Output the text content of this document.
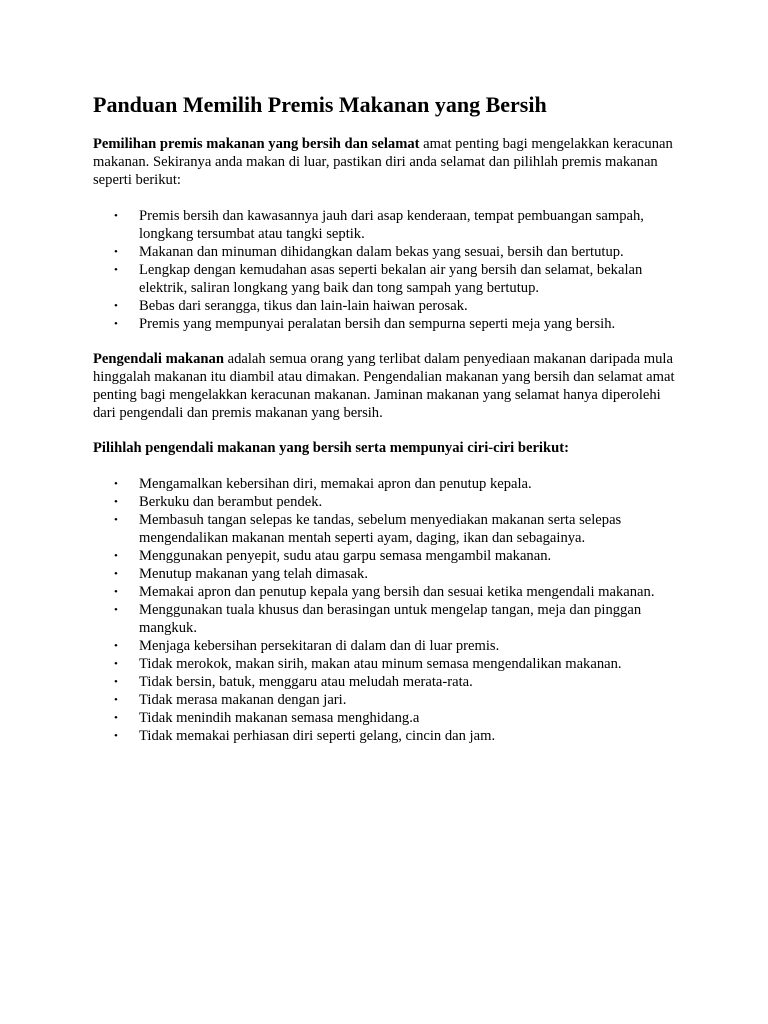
Panduan Memilih Premis Makanan yang Bersih

Pemilihan premis makanan yang bersih dan selamat amat penting bagi mengelakkan keracunan makanan. Sekiranya anda makan di luar, pastikan diri anda selamat dan pilihlah premis makanan seperti berikut:

• Premis bersih dan kawasannya jauh dari asap kenderaan, tempat pembuangan sampah, longkang tersumbat atau tangki septik.
• Makanan dan minuman dihidangkan dalam bekas yang sesuai, bersih dan bertutup.
• Lengkap dengan kemudahan asas seperti bekalan air yang bersih dan selamat, bekalan elektrik, saliran longkang yang baik dan tong sampah yang bertutup.
• Bebas dari serangga, tikus dan lain-lain haiwan perosak.
• Premis yang mempunyai peralatan bersih dan sempurna seperti meja yang bersih.

Pengendali makanan adalah semua orang yang terlibat dalam penyediaan makanan daripada mula hinggalah makanan itu diambil atau dimakan. Pengendalian makanan yang bersih dan selamat amat penting bagi mengelakkan keracunan makanan. Jaminan makanan yang selamat hanya diperolehi dari pengendali dan premis makanan yang bersih.

Pilihlah pengendali makanan yang bersih serta mempunyai ciri-ciri berikut:

• Mengamalkan kebersihan diri, memakai apron dan penutup kepala.
• Berkuku dan berambut pendek.
• Membasuh tangan selepas ke tandas, sebelum menyediakan makanan serta selepas mengendalikan makanan mentah seperti ayam, daging, ikan dan sebagainya.
• Menggunakan penyepit, sudu atau garpu semasa mengambil makanan.
• Menutup makanan yang telah dimasak.
• Memakai apron dan penutup kepala yang bersih dan sesuai ketika mengendali makanan.
• Menggunakan tuala khusus dan berasingan untuk mengelap tangan, meja dan pinggan mangkuk.
• Menjaga kebersihan persekitaran di dalam dan di luar premis.
• Tidak merokok, makan sirih, makan atau minum semasa mengendalikan makanan.
• Tidak bersin, batuk, menggaru atau meludah merata-rata.
• Tidak merasa makanan dengan jari.
• Tidak menindih makanan semasa menghidang.a
• Tidak memakai perhiasan diri seperti gelang, cincin dan jam.
